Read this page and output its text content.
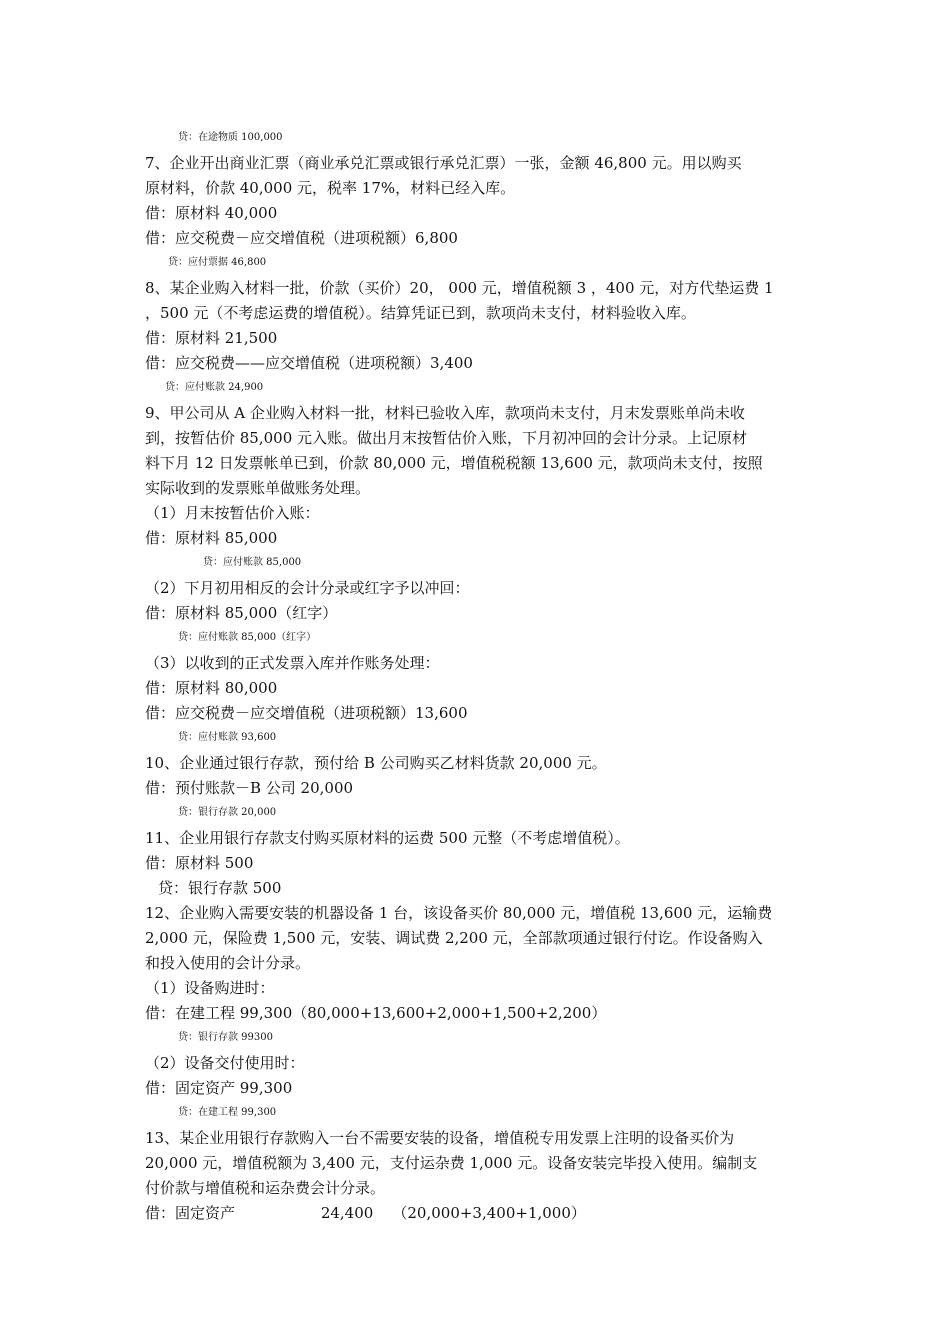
贷：在途物质 100,000
7、企业开出商业汇票（商业承兑汇票或银行承兑汇票）一张，金额 46,800 元。用以购买
原材料，价款 40,000 元，税率 17%，材料已经入库。
借：原材料 40,000
借：应交税费－应交增值税（进项税额）6,800
贷：应付票据 46,800
8、某企业购入材料一批，价款（买价）20， 000 元，增值税额 3 ，400 元，对方代垫运费 1
，500 元（不考虑运费的增值税）。结算凭证已到，款项尚未支付，材料验收入库。
借：原材料 21,500
借：应交税费——应交增值税（进项税额）3,400
贷：应付账款 24,900
9、甲公司从 A 企业购入材料一批，材料已验收入库，款项尚未支付，月末发票账单尚未收
到，按暂估价 85,000 元入账。做出月末按暂估价入账，下月初冲回的会计分录。上记原材
料下月 12 日发票帐单已到，价款 80,000 元，增值税税额 13,600 元，款项尚未支付，按照
实际收到的发票账单做账务处理。
（1）月末按暂估价入账：
借：原材料 85,000
贷：应付账款 85,000
（2）下月初用相反的会计分录或红字予以冲回：
借：原材料 85,000（红字）
贷：应付账款 85,000（红字）
（3）以收到的正式发票入库并作账务处理：
借：原材料 80,000
借：应交税费－应交增值税（进项税额）13,600
贷：应付账款 93,600
10、企业通过银行存款，预付给 B 公司购买乙材料货款 20,000 元。
借：预付账款－B 公司 20,000
贷：银行存款 20,000
11、企业用银行存款支付购买原材料的运费 500 元整（不考虑增值税）。
借：原材料 500
贷：银行存款 500
12、企业购入需要安装的机器设备 1 台，该设备买价 80,000 元，增值税 13,600 元，运输费
2,000 元，保险费 1,500 元，安装、调试费 2,200 元，全部款项通过银行付讫。作设备购入
和投入使用的会计分录。
（1）设备购进时：
借：在建工程 99,300（80,000+13,600+2,000+1,500+2,200）
贷：银行存款 99300
（2）设备交付使用时：
借：固定资产 99,300
贷：在建工程 99,300
13、某企业用银行存款购入一台不需要安装的设备，增值税专用发票上注明的设备买价为
20,000 元，增值税额为 3,400 元，支付运杂费 1,000 元。设备安装完毕投入使用。编制支
付价款与增值税和运杂费会计分录。
借：固定资产                  24,400    （20,000+3,400+1,000）
